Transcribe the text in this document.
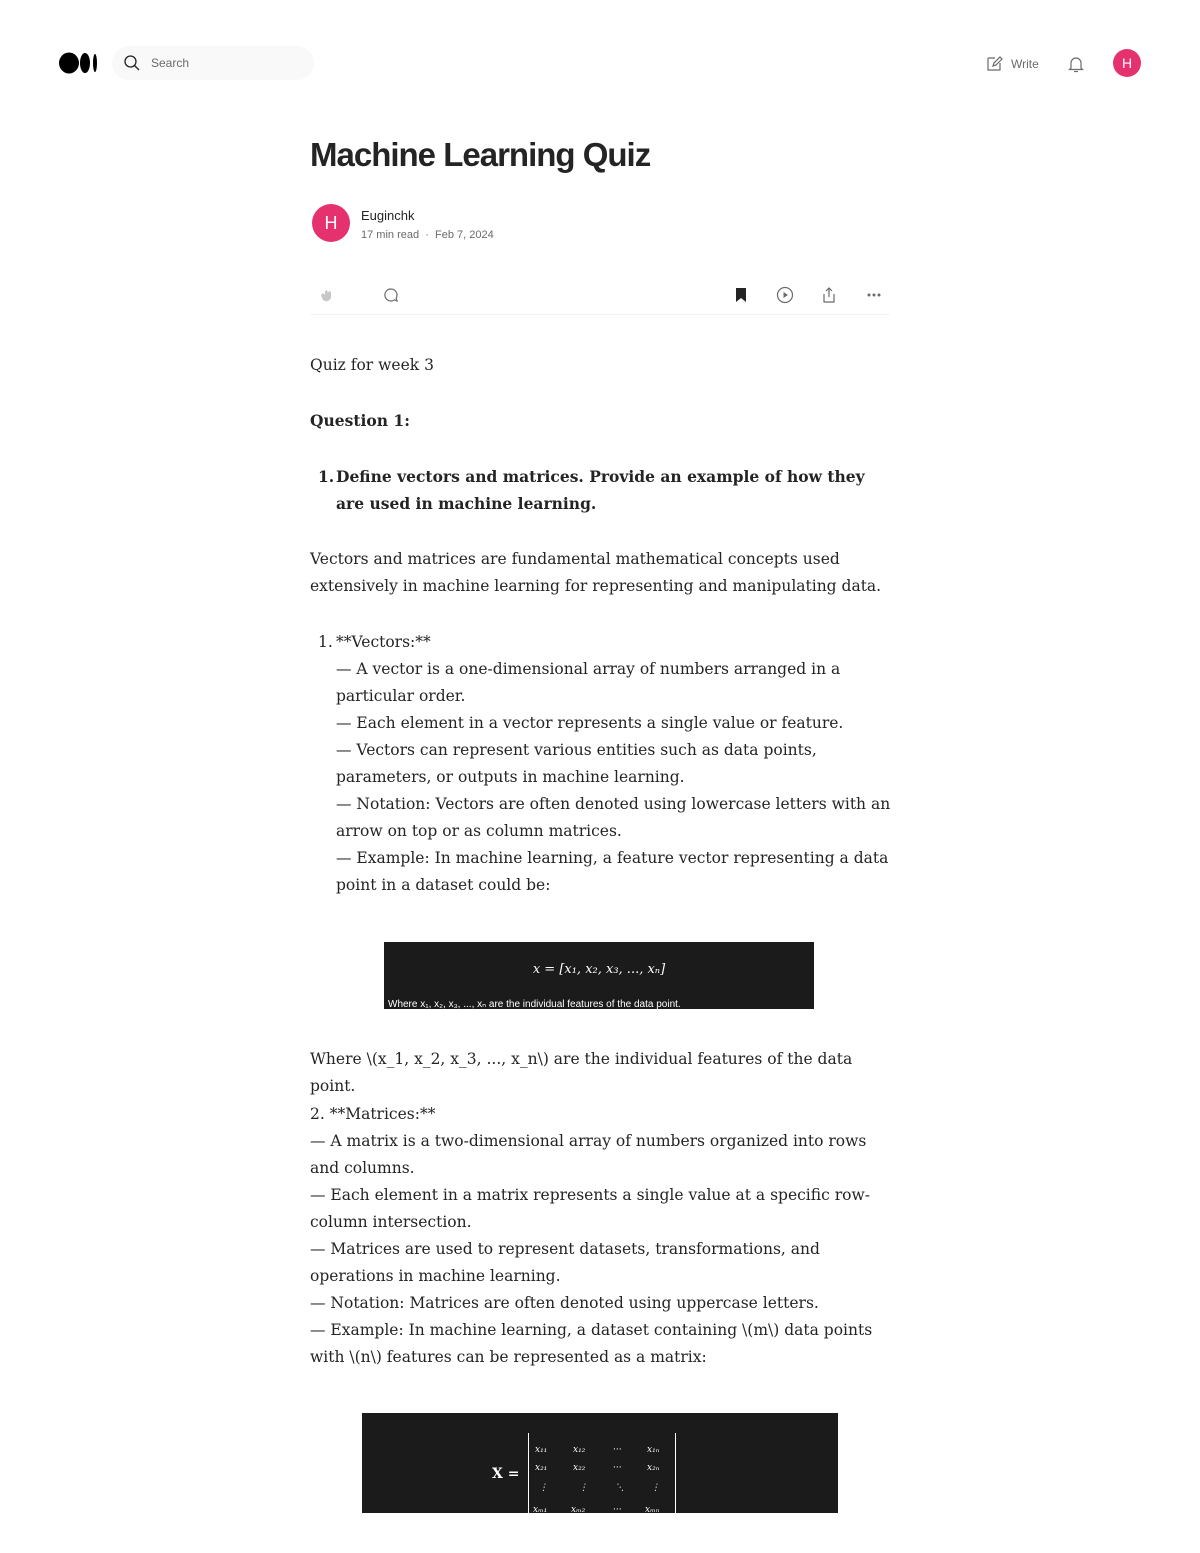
Search	Write	H
Machine Learning Quiz
H	Euginchk
17 min read · Feb 7, 2024
Quiz for week 3
Question 1:
1. Define vectors and matrices. Provide an example of how they are used in machine learning.
Vectors and matrices are fundamental mathematical concepts used extensively in machine learning for representing and manipulating data.
1. **Vectors:**
— A vector is a one-dimensional array of numbers arranged in a particular order.
— Each element in a vector represents a single value or feature.
— Vectors can represent various entities such as data points, parameters, or outputs in machine learning.
— Notation: Vectors are often denoted using lowercase letters with an arrow on top or as column matrices.
— Example: In machine learning, a feature vector representing a data point in a dataset could be:
x = [x₁, x₂, x₃, ..., xₙ]
Where x₁, x₂, x₃, ..., xₙ are the individual features of the data point.
Where \(x_1, x_2, x_3, ..., x_n\) are the individual features of the data point.
2. **Matrices:**
— A matrix is a two-dimensional array of numbers organized into rows and columns.
— Each element in a matrix represents a single value at a specific row-column intersection.
— Matrices are used to represent datasets, transformations, and operations in machine learning.
— Notation: Matrices are often denoted using uppercase letters.
— Example: In machine learning, a dataset containing \(m\) data points with \(n\) features can be represented as a matrix:
X =
x₁₁	x₁₂	···	x₁ₙ
x₂₁	x₂₂	···	x₂ₙ
⋮	⋮	⋱	⋮
xₘ₁	xₘ₂	···	xₘₙ
